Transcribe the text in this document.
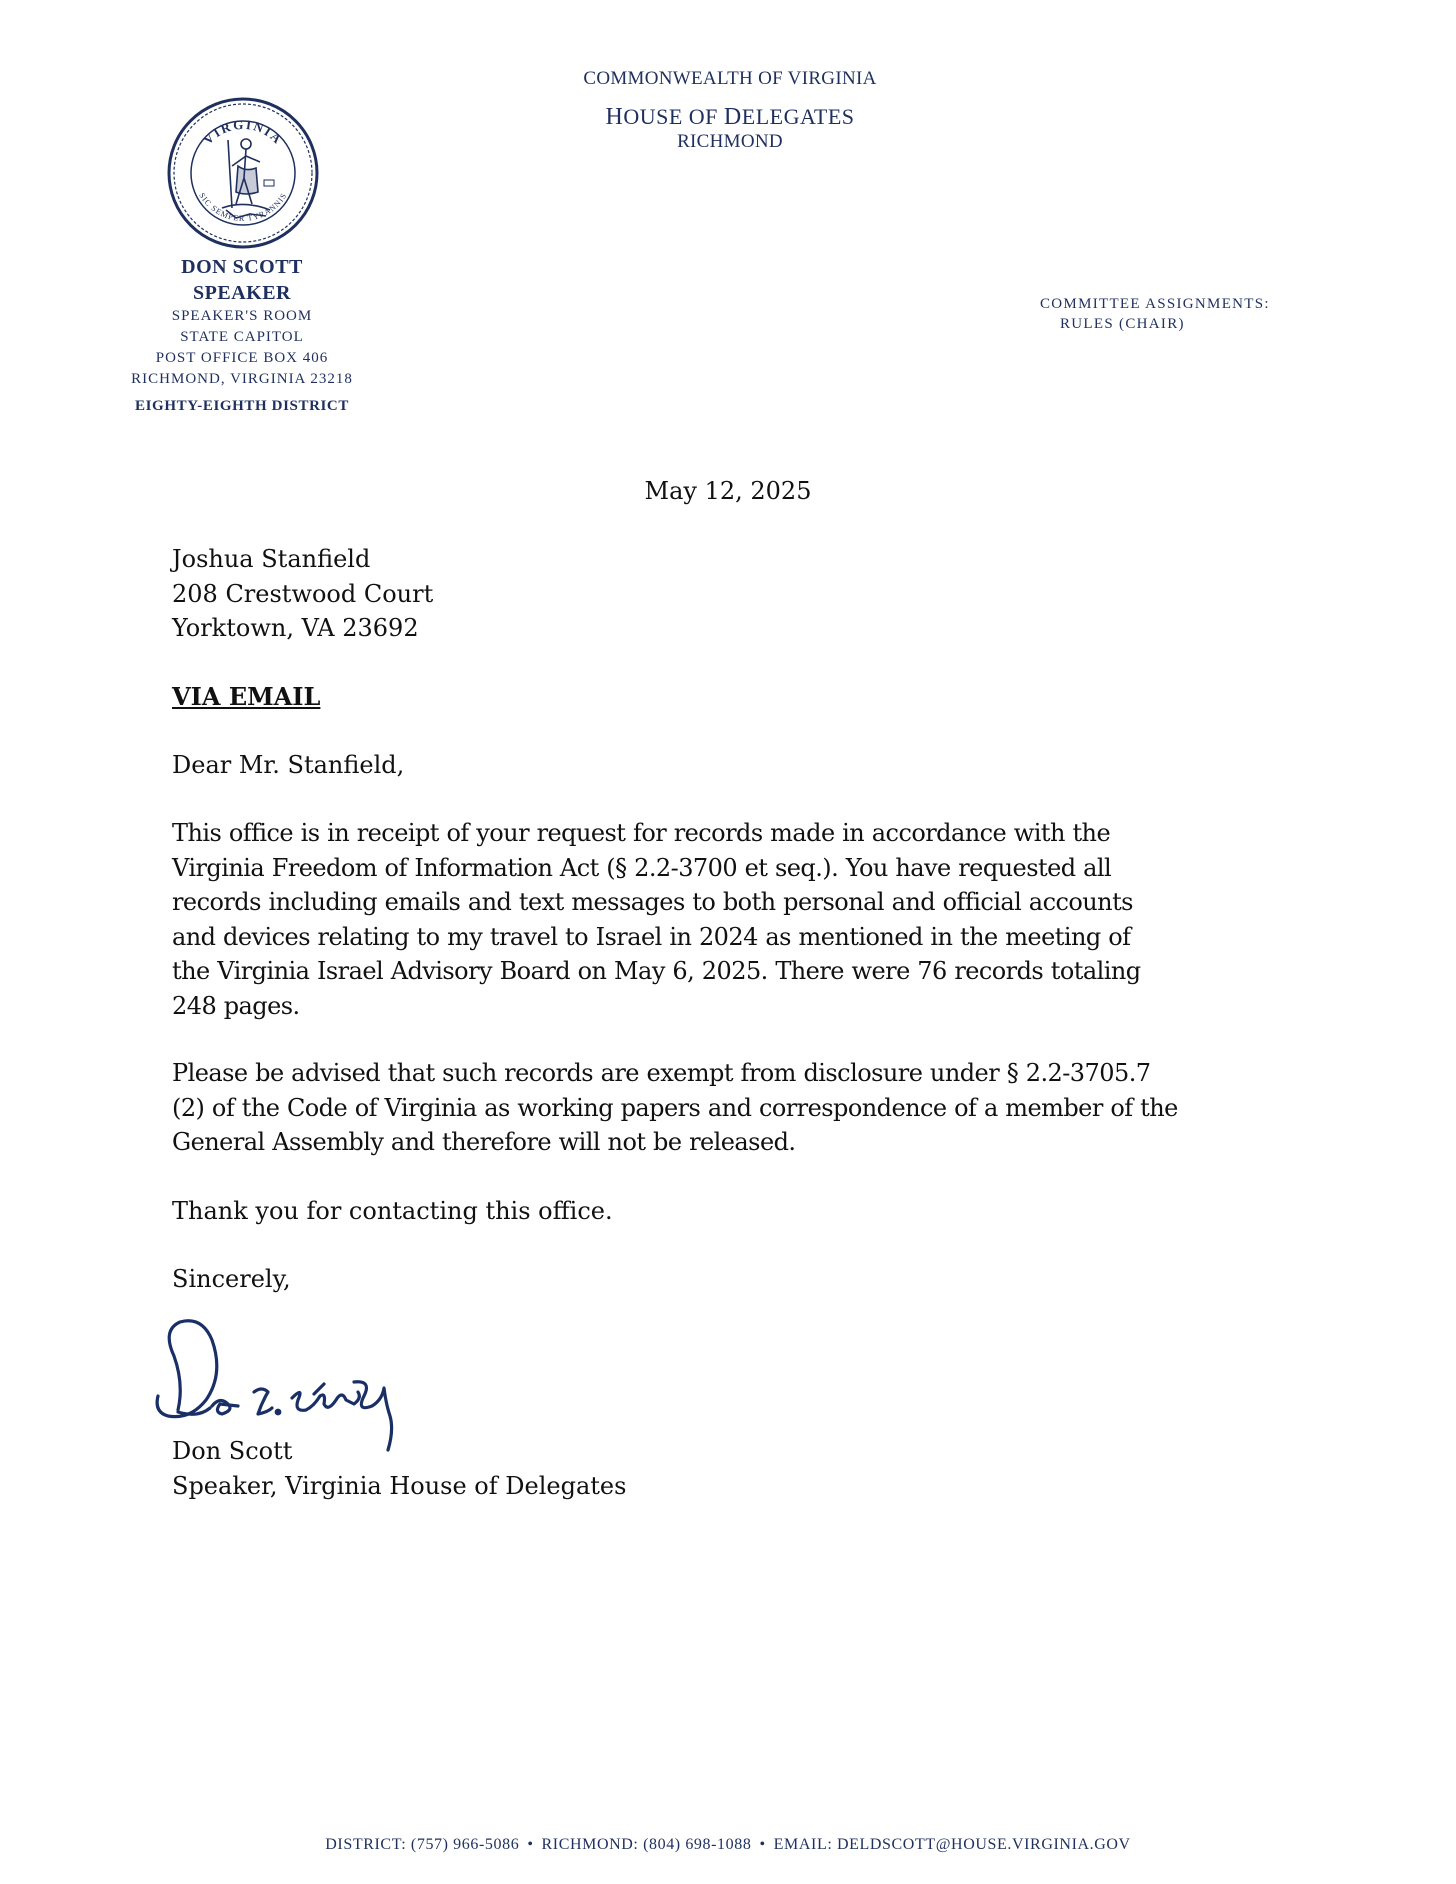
VIRGINIA
SIC SEMPER TYRANNIS
COMMONWEALTH OF VIRGINIA
HOUSE OF DELEGATES
RICHMOND
DON SCOTT
SPEAKER
SPEAKER'S ROOM
STATE CAPITOL
POST OFFICE BOX 406
RICHMOND, VIRGINIA 23218
EIGHTY-EIGHTH DISTRICT
COMMITTEE ASSIGNMENTS:
RULES (CHAIR)
May 12, 2025
Joshua Stanfield
208 Crestwood Court
Yorktown, VA 23692
VIA EMAIL
Dear Mr. Stanfield,
This office is in receipt of your request for records made in accordance with the
Virginia Freedom of Information Act (§ 2.2-3700 et seq.). You have requested all
records including emails and text messages to both personal and official accounts
and devices relating to my travel to Israel in 2024 as mentioned in the meeting of
the Virginia Israel Advisory Board on May 6, 2025. There were 76 records totaling
248 pages.
Please be advised that such records are exempt from disclosure under § 2.2-3705.7
(2) of the Code of Virginia as working papers and correspondence of a member of the
General Assembly and therefore will not be released.
Thank you for contacting this office.
Sincerely,
Don Scott
Speaker, Virginia House of Delegates
DISTRICT: (757) 966-5086 • RICHMOND: (804) 698-1088 • EMAIL: DELDSCOTT@HOUSE.VIRGINIA.GOV
